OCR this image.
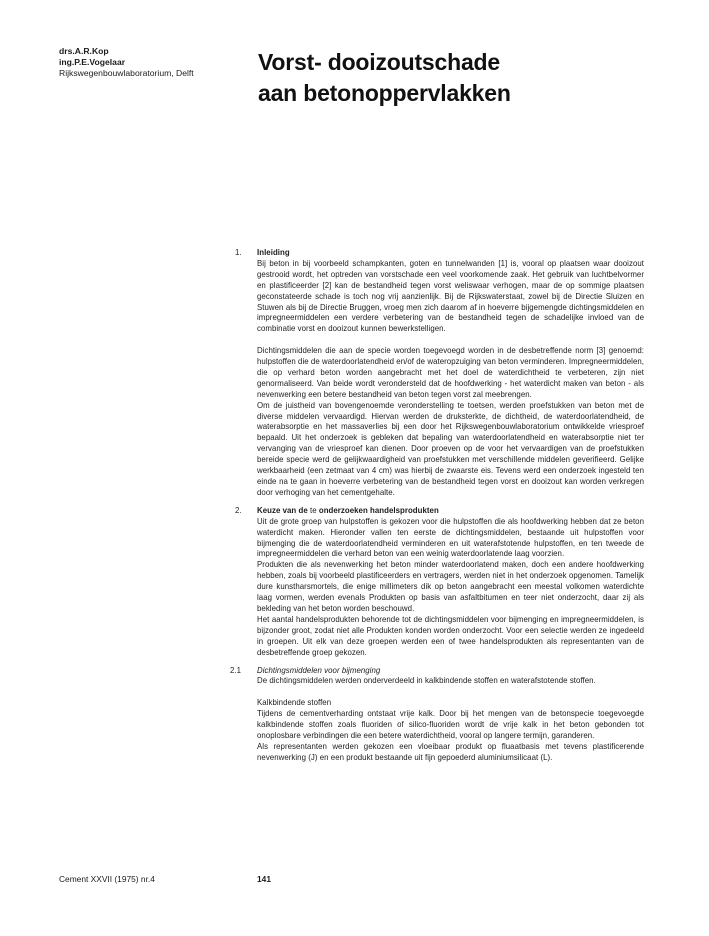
drs.A.R.Kop
ing.P.E.Vogelaar
Rijkswegenbouwlaboratorium, Delft	Vorst- dooizoutschade
aan betonoppervlakken
1.	Inleiding
Bij beton in bij voorbeeld schampkanten, goten en tunnelwanden [1] is, vooral op plaatsen waar dooizout gestrooid wordt, het optreden van vorstschade een veel voorkomende zaak. Het gebruik van luchtbelvormer en plastificeerder [2] kan de bestandheid tegen vorst weliswaar verhogen, maar de op sommige plaatsen geconstateerde schade is toch nog vrij aanzienlijk. Bij de Rijkswaterstaat, zowel bij de Directie Sluizen en Stuwen als bij de Directie Bruggen, vroeg men zich daarom af in hoeverre bijgemengde dichtingsmiddelen en impregneermiddelen een verdere verbetering van de bestandheid tegen de schadelijke invloed van de combinatie vorst en dooizout kunnen bewerkstelligen.
Dichtingsmiddelen die aan de specie worden toegevoegd worden in de desbetreffende norm [3] genoemd: hulpstoffen die de waterdoorlatendheid en/of de wateropzuiging van beton verminderen. Impregneermiddelen, die op verhard beton worden aangebracht met het doel de waterdichtheid te verbeteren, zijn niet genormaliseerd. Van beide wordt verondersteld dat de hoofdwerking - het waterdicht maken van beton - als nevenwerking een betere bestandheid van beton tegen vorst zal meebrengen.
Om de juistheid van bovengenoemde veronderstelling te toetsen, werden proefstukken van beton met de diverse middelen vervaardigd. Hiervan werden de druksterkte, de dichtheid, de waterdoorlatendheid, de waterabsorptie en het massaverlies bij een door het Rijkswegenbouwlaboratorium ontwikkelde vriesproef bepaald. Uit het onderzoek is gebleken dat bepaling van waterdoorlatendheid en waterabsorptie niet ter vervanging van de vriesproef kan dienen. Door proeven op de voor het vervaardigen van de proefstukken bereide specie werd de gelijkwaardigheid van proefstukken met verschillende middelen geverifieerd. Gelijke werkbaarheid (een zetmaat van 4 cm) was hierbij de zwaarste eis. Tevens werd een onderzoek ingesteld ten einde na te gaan in hoeverre verbetering van de bestandheid tegen vorst en dooizout kan worden verkregen door verhoging van het cementgehalte.
2.	Keuze van de te onderzoeken handelsprodukten
Uit de grote groep van hulpstoffen is gekozen voor die hulpstoffen die als hoofdwerking hebben dat ze beton waterdicht maken. Hieronder vallen ten eerste de dichtingsmiddelen, bestaande uit hulpstoffen voor bijmenging die de waterdoorlatendheid verminderen en uit waterafstotende hulpstoffen, en ten tweede de impregneermiddelen die verhard beton van een weinig waterdoorlatende laag voorzien.
Produkten die als nevenwerking het beton minder waterdoorlatend maken, doch een andere hoofdwerking hebben, zoals bij voorbeeld plastificeerders en vertragers, werden niet in het onderzoek opgenomen. Tamelijk dure kunstharsmortels, die enige millimeters dik op beton aangebracht een meestal volkomen waterdichte laag vormen, werden evenals Produkten op basis van asfaltbitumen en teer niet onderzocht, daar zij als bekleding van het beton worden beschouwd.
Het aantal handelsprodukten behorende tot de dichtingsmiddelen voor bijmenging en impregneermiddelen, is bijzonder groot, zodat niet alle Produkten konden worden onderzocht. Voor een selectie werden ze ingedeeld in groepen. Uit elk van deze groepen werden een of twee handelsprodukten als representanten van de desbetreffende groep gekozen.
2.1	Dichtingsmiddelen voor bijmenging
De dichtingsmiddelen werden onderverdeeld in kalkbindende stoffen en waterafstotende stoffen.
Kalkbindende stoffen
Tijdens de cementverharding ontstaat vrije kalk. Door bij het mengen van de betonspecie toegevoegde kalkbindende stoffen zoals fluoriden of silico-fluoriden wordt de vrije kalk in het beton gebonden tot onoplosbare verbindingen die een betere waterdichtheid, vooral op langere termijn, garanderen.
Als representanten werden gekozen een vloeibaar produkt op fluaatbasis met tevens plastificerende nevenwerking (J) en een produkt bestaande uit fijn gepoederd aluminiumsilicaat (L).
Cement XXVII (1975) nr.4	141
